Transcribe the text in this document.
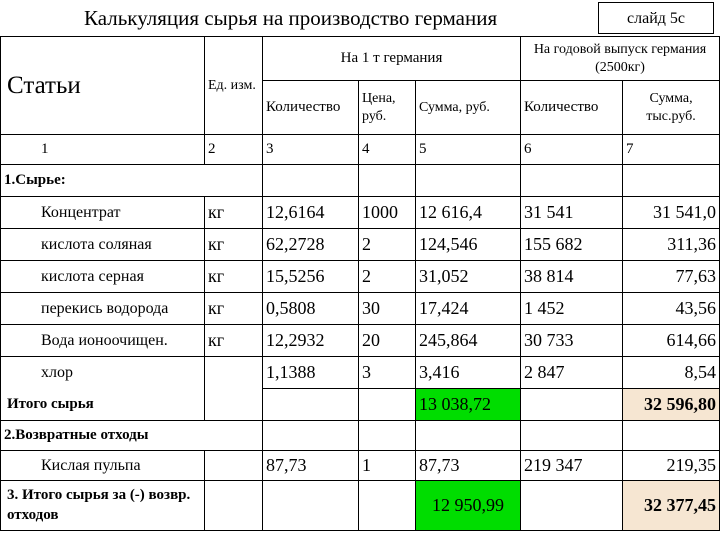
Калькуляция сырья на производство германия	слайд 5с
Статьи	Ед. изм.	На 1 т германия			На годовой выпуск германия (2500кг)	
		Количество	Цена, руб.	Сумма, руб.	Количество	Сумма, тыс.руб.
1	2	3	4	5	6	7
1.Сырье:						
Концентрат	кг	12,6164	1000	12 616,4	31 541	31 541,0
кислота соляная	кг	62,2728	2	124,546	155 682	311,36
кислота серная	кг	15,5256	2	31,052	38 814	77,63
перекись водорода	кг	0,5808	30	17,424	1 452	43,56
Вода ионоочищен.	кг	12,2932	20	245,864	30 733	614,66
хлор		1,1388	3	3,416	2 847	8,54
Итого сырья				13 038,72		32 596,80
2.Возвратные отходы						
Кислая пульпа		87,73	1	87,73	219 347	219,35
3. Итого сырья за (-) возвр. отходов				12 950,99		32 377,45
